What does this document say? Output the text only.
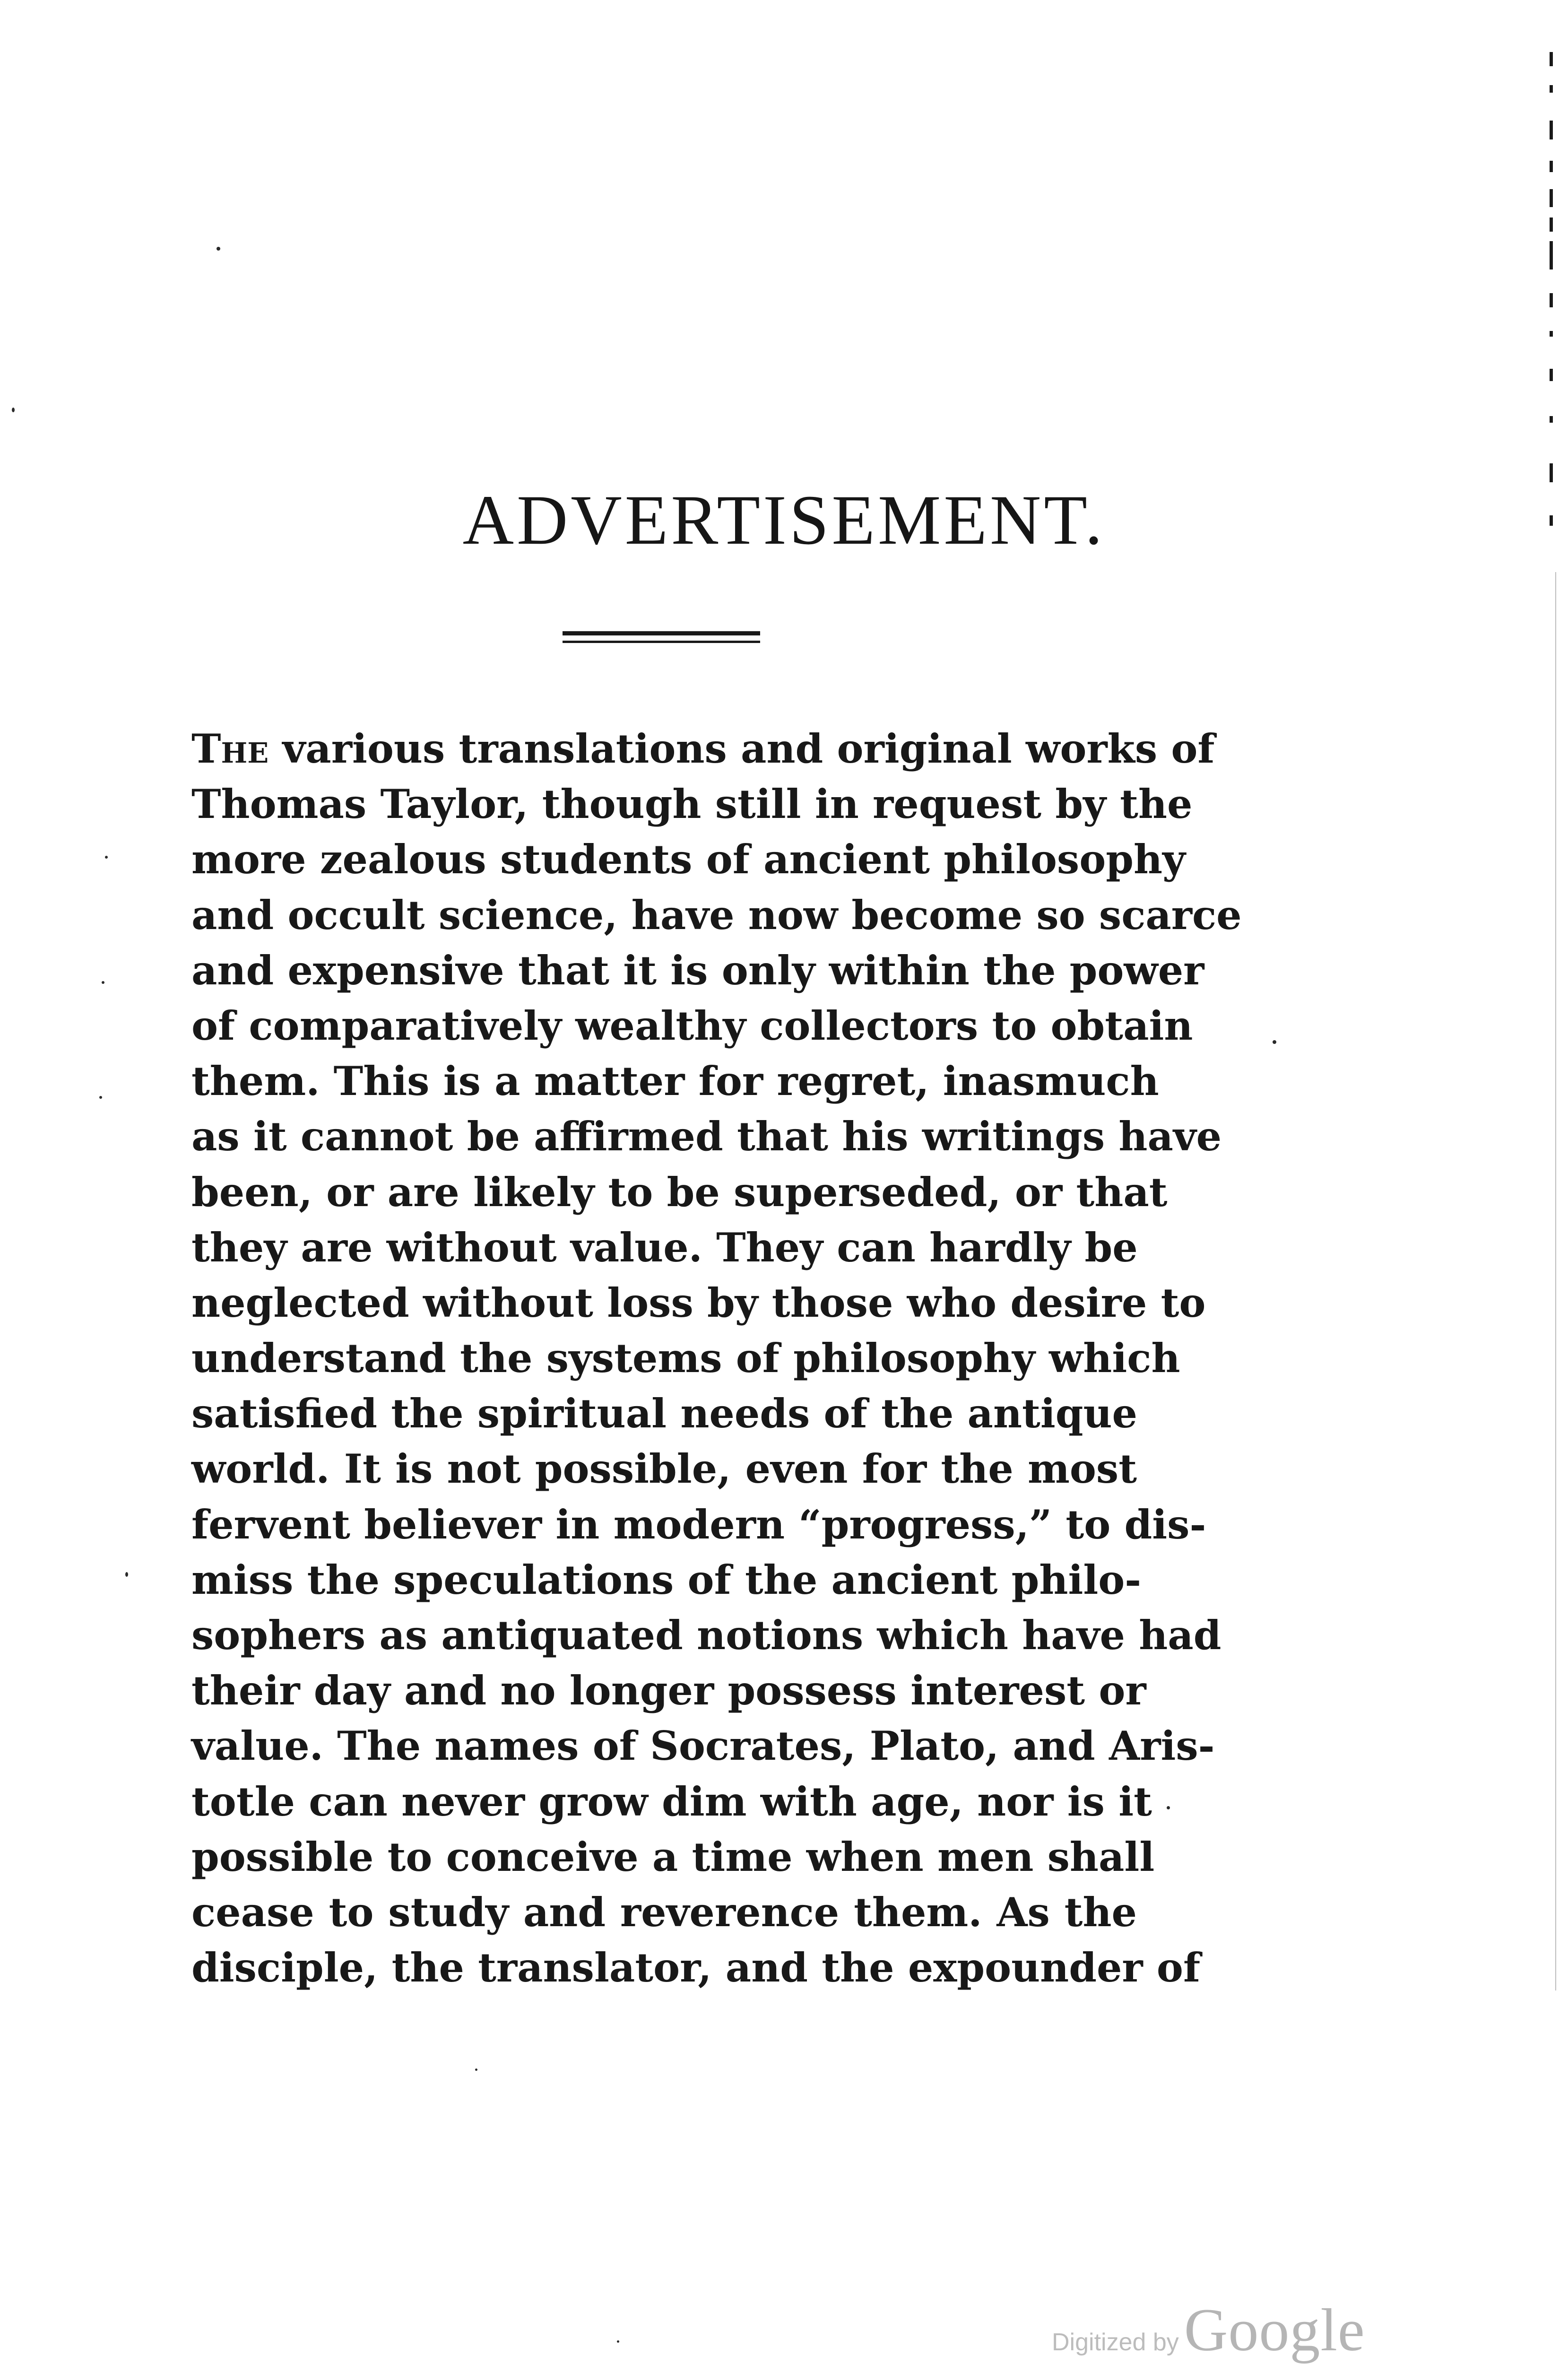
ADVERTISEMENT.
The various translations and original works of
Thomas Taylor, though still in request by the
more zealous students of ancient philosophy
and occult science, have now become so scarce
and expensive that it is only within the power
of comparatively wealthy collectors to obtain
them. This is a matter for regret, inasmuch
as it cannot be affirmed that his writings have
been, or are likely to be superseded, or that
they are without value. They can hardly be
neglected without loss by those who desire to
understand the systems of philosophy which
satisfied the spiritual needs of the antique
world. It is not possible, even for the most
fervent believer in modern “progress,” to dis-
miss the speculations of the ancient philo-
sophers as antiquated notions which have had
their day and no longer possess interest or
value. The names of Socrates, Plato, and Aris-
totle can never grow dim with age, nor is it
possible to conceive a time when men shall
cease to study and reverence them. As the
disciple, the translator, and the expounder of
Digitized by Google
